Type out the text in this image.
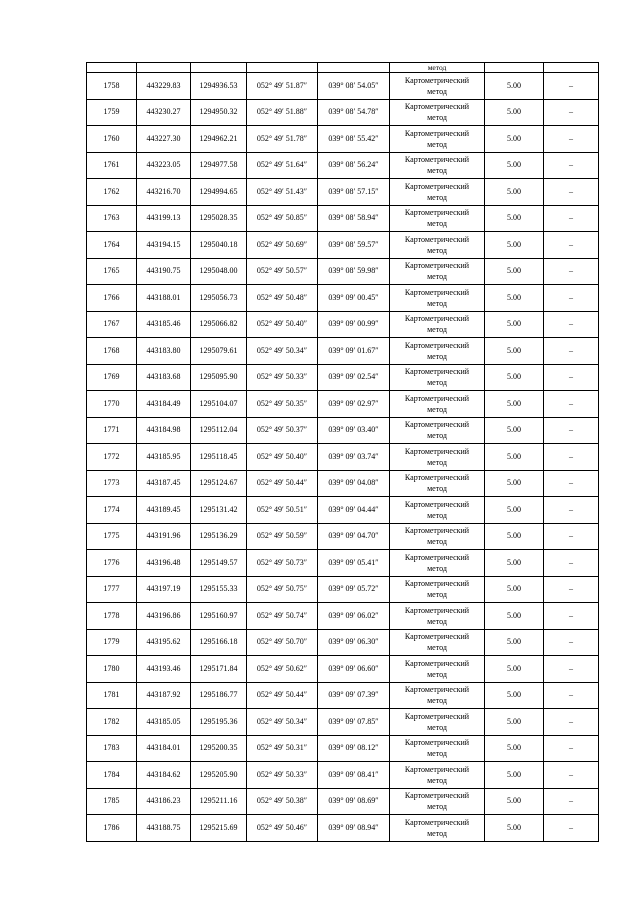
					метод		
1758	443229.83	1294936.53	052° 49′ 51.87″	039° 08′ 54.05″	Картометрический
метод	5.00	–
1759	443230.27	1294950.32	052° 49′ 51.88″	039° 08′ 54.78″	Картометрический
метод	5.00	–
1760	443227.30	1294962.21	052° 49′ 51.78″	039° 08′ 55.42″	Картометрический
метод	5.00	–
1761	443223.05	1294977.58	052° 49′ 51.64″	039° 08′ 56.24″	Картометрический
метод	5.00	–
1762	443216.70	1294994.65	052° 49′ 51.43″	039° 08′ 57.15″	Картометрический
метод	5.00	–
1763	443199.13	1295028.35	052° 49′ 50.85″	039° 08′ 58.94″	Картометрический
метод	5.00	–
1764	443194.15	1295040.18	052° 49′ 50.69″	039° 08′ 59.57″	Картометрический
метод	5.00	–
1765	443190.75	1295048.00	052° 49′ 50.57″	039° 08′ 59.98″	Картометрический
метод	5.00	–
1766	443188.01	1295056.73	052° 49′ 50.48″	039° 09′ 00.45″	Картометрический
метод	5.00	–
1767	443185.46	1295066.82	052° 49′ 50.40″	039° 09′ 00.99″	Картометрический
метод	5.00	–
1768	443183.80	1295079.61	052° 49′ 50.34″	039° 09′ 01.67″	Картометрический
метод	5.00	–
1769	443183.68	1295095.90	052° 49′ 50.33″	039° 09′ 02.54″	Картометрический
метод	5.00	–
1770	443184.49	1295104.07	052° 49′ 50.35″	039° 09′ 02.97″	Картометрический
метод	5.00	–
1771	443184.98	1295112.04	052° 49′ 50.37″	039° 09′ 03.40″	Картометрический
метод	5.00	–
1772	443185.95	1295118.45	052° 49′ 50.40″	039° 09′ 03.74″	Картометрический
метод	5.00	–
1773	443187.45	1295124.67	052° 49′ 50.44″	039° 09′ 04.08″	Картометрический
метод	5.00	–
1774	443189.45	1295131.42	052° 49′ 50.51″	039° 09′ 04.44″	Картометрический
метод	5.00	–
1775	443191.96	1295136.29	052° 49′ 50.59″	039° 09′ 04.70″	Картометрический
метод	5.00	–
1776	443196.48	1295149.57	052° 49′ 50.73″	039° 09′ 05.41″	Картометрический
метод	5.00	–
1777	443197.19	1295155.33	052° 49′ 50.75″	039° 09′ 05.72″	Картометрический
метод	5.00	–
1778	443196.86	1295160.97	052° 49′ 50.74″	039° 09′ 06.02″	Картометрический
метод	5.00	–
1779	443195.62	1295166.18	052° 49′ 50.70″	039° 09′ 06.30″	Картометрический
метод	5.00	–
1780	443193.46	1295171.84	052° 49′ 50.62″	039° 09′ 06.60″	Картометрический
метод	5.00	–
1781	443187.92	1295186.77	052° 49′ 50.44″	039° 09′ 07.39″	Картометрический
метод	5.00	–
1782	443185.05	1295195.36	052° 49′ 50.34″	039° 09′ 07.85″	Картометрический
метод	5.00	–
1783	443184.01	1295200.35	052° 49′ 50.31″	039° 09′ 08.12″	Картометрический
метод	5.00	–
1784	443184.62	1295205.90	052° 49′ 50.33″	039° 09′ 08.41″	Картометрический
метод	5.00	–
1785	443186.23	1295211.16	052° 49′ 50.38″	039° 09′ 08.69″	Картометрический
метод	5.00	–
1786	443188.75	1295215.69	052° 49′ 50.46″	039° 09′ 08.94″	Картометрический
метод	5.00	–
